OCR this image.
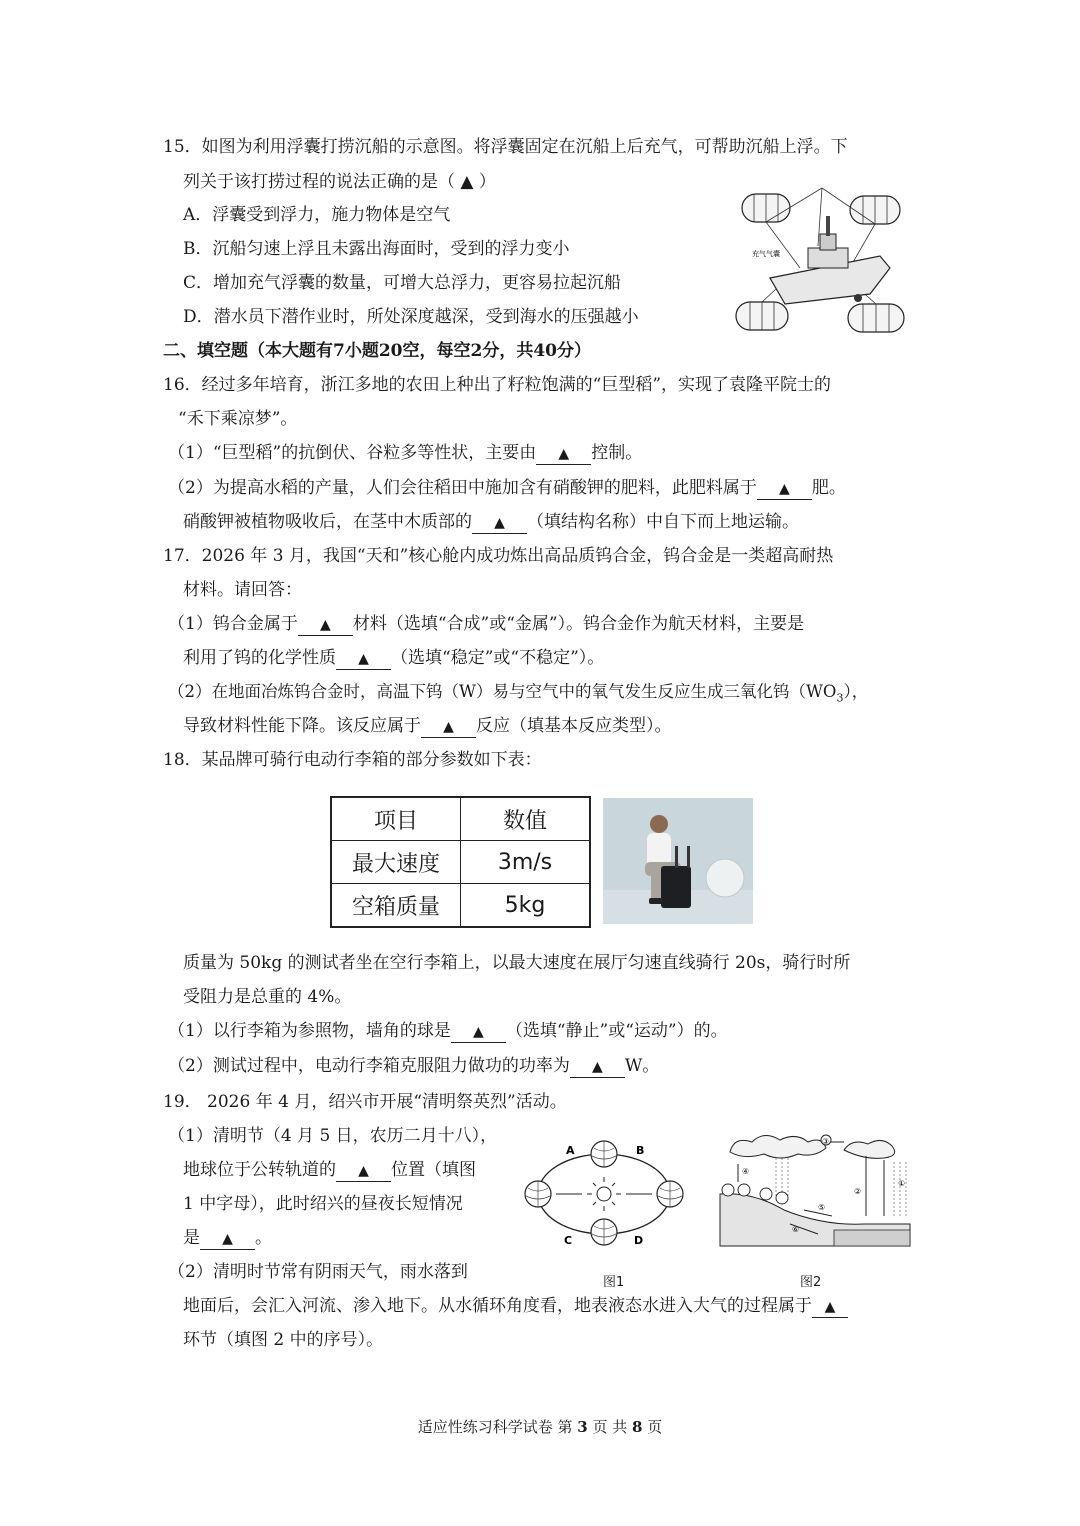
15．如图为利用浮囊打捞沉船的示意图。将浮囊固定在沉船上后充气，可帮助沉船上浮。下
列关于该打捞过程的说法正确的是（ ▲ ）
A．浮囊受到浮力，施力物体是空气
B．沉船匀速上浮且未露出海面时，受到的浮力变小
C．增加充气浮囊的数量，可增大总浮力，更容易拉起沉船
D．潜水员下潜作业时，所处深度越深，受到海水的压强越小
充气气囊
二、填空题（本大题有7小题20空，每空2分，共40分）
16．经过多年培育，浙江多地的农田上种出了籽粒饱满的“巨型稻”，实现了袁隆平院士的
“禾下乘凉梦”。
（1）“巨型稻”的抗倒伏、谷粒多等性状，主要由 ▲ 控制。
（2）为提高水稻的产量，人们会往稻田中施加含有硝酸钾的肥料，此肥料属于 ▲ 肥。
硝酸钾被植物吸收后，在茎中木质部的 ▲ （填结构名称）中自下而上地运输。
17．2026 年 3 月，我国“天和”核心舱内成功炼出高品质钨合金，钨合金是一类超高耐热
材料。请回答：
（1）钨合金属于 ▲ 材料（选填“合成”或“金属”）。钨合金作为航天材料，主要是
利用了钨的化学性质 ▲ （选填“稳定”或“不稳定”）。
（2）在地面冶炼钨合金时，高温下钨（W）易与空气中的氧气发生反应生成三氧化钨$(WO_3)$，
导致材料性能下降。该反应属于 ▲ 反应（填基本反应类型）。
18．某品牌可骑行电动行李箱的部分参数如下表：
项目	数值
最大速度	3m/s
空箱质量	5kg
质量为 50kg 的测试者坐在空行李箱上，以最大速度在展厅匀速直线骑行 20s，骑行时所
受阻力是总重的 4%。
（1）以行李箱为参照物，墙角的球是 ▲ （选填“静止”或“运动”）的。
（2）测试过程中，电动行李箱克服阻力做功的功率为 ▲ W。
19． 2026 年 4 月，绍兴市开展“清明祭英烈”活动。
（1）清明节（4 月 5 日，农历二月十八），
地球位于公转轨道的 ▲ 位置（填图
1 中字母），此时绍兴的昼夜长短情况
是 ▲ 。
（2）清明时节常有阴雨天气，雨水落到
地面后，会汇入河流、渗入地下。从水循环角度看，地表液态水进入大气的过程属于 ▲
环节（填图 2 中的序号）。
A	B
C	D
图1
③
①
②
④
⑤
⑥
图2
适应性练习科学试卷 第 3 页 共 8 页
